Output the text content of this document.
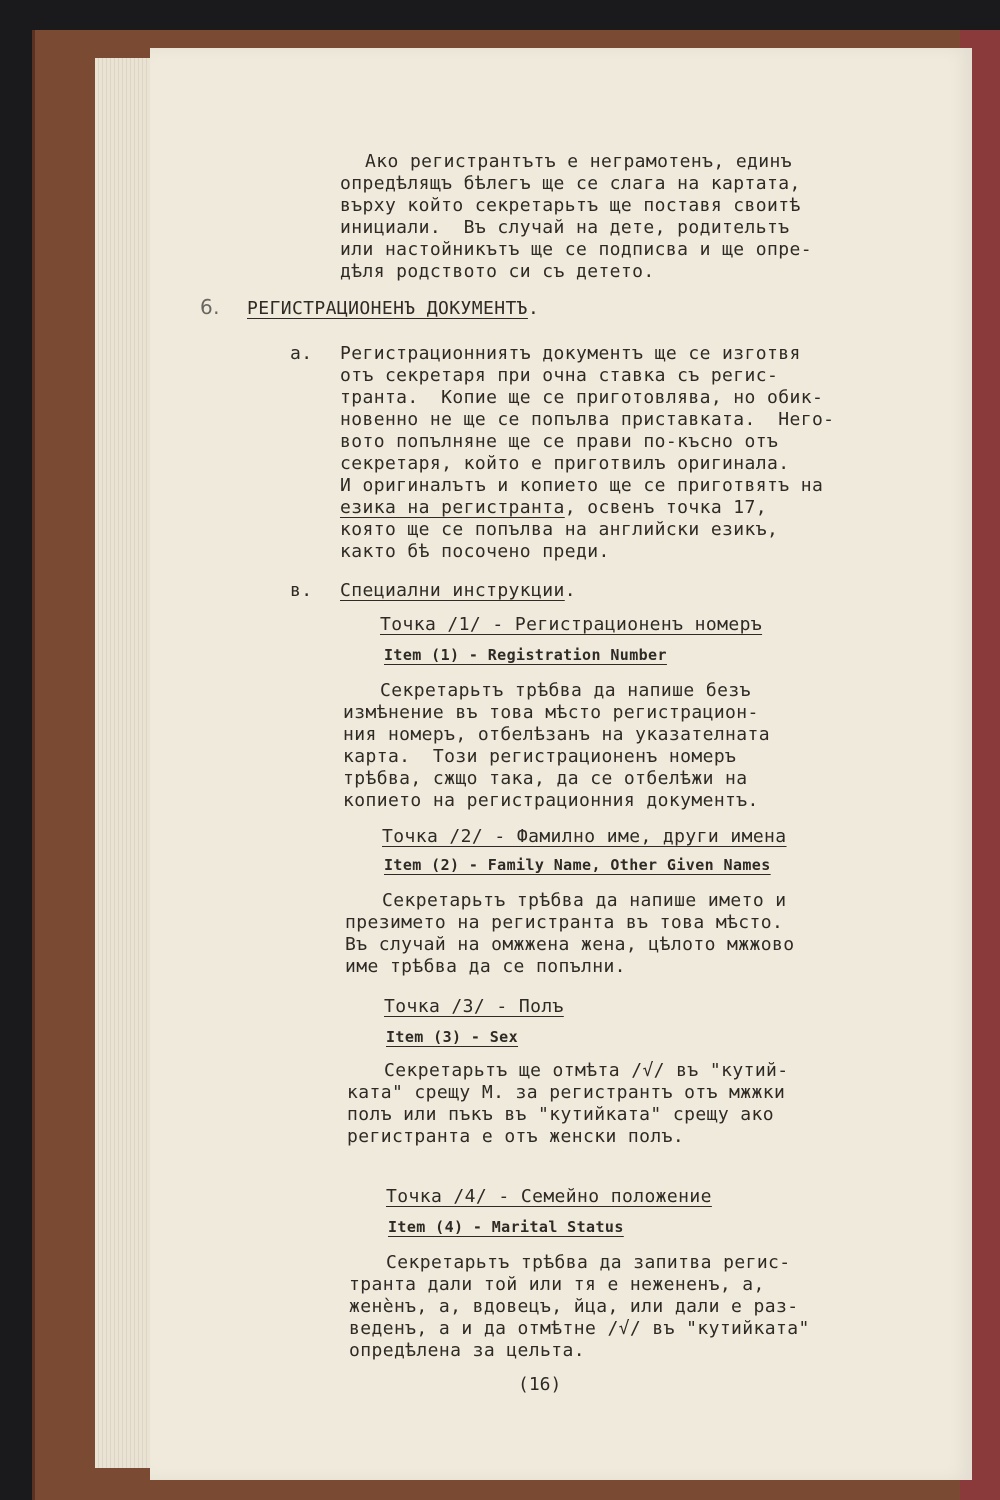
Ако регистрантътъ е неграмотенъ, единъ
опредѣлящъ бѣлегъ ще се слага на картата,
върху който секретарьтъ ще поставя своитѣ
инициали.  Въ случай на дете, родительтъ
или настойникътъ ще се подписва и ще опре-
дѣля родството си съ детето.
6. РЕГИСТРАЦИОНЕНЪ ДОКУМЕНТЪ.
а. Регистрационниятъ документъ ще се изготвя
отъ секретаря при очна ставка съ регис-
транта.  Копие ще се приготовлява, но обик-
новенно не ще се попълва приставката.  Него-
вото попълняне ще се прави по-късно отъ
секретаря, който е приготвилъ оригинала.
И оригиналътъ и копието ще се приготвятъ на
езика на регистранта, освенъ точка 17,
която ще се попълва на английски езикъ,
както бѣ посочено преди.
в. Специални инструкции.
Точка /1/ - Регистрационенъ номеръ
Item (1) - Registration Number
Секретарьтъ трѣбва да напише безъ
измѣнение въ това мѣсто регистрацион-
ния номеръ, отбелѣзанъ на указателната
карта.  Този регистрационенъ номеръ
трѣбва, сжщо така, да се отбелѣжи на
копието на регистрационния документъ.
Точка /2/ - Фамилно име, други имена
Item (2) - Family Name, Other Given Names
Секретарьтъ трѣбва да напише името и
презимето на регистранта въ това мѣсто.
Въ случай на омжжена жена, цѣлото мжжово
име трѣбва да се попълни.
Точка /3/ - Полъ
Item (3) - Sex
Секретарьтъ ще отмѣта /√/ въ "кутий-
ката" срещу М. за регистрантъ отъ мжжки
полъ или пъкъ въ "кутийката" срещу ако
регистранта е отъ женски полъ.
Точка /4/ - Семейно положение
Item (4) - Marital Status
Секретарьтъ трѣбва да запитва регис-
транта дали той или тя е нежененъ, а,
женѐнъ, а, вдовецъ, йца, или дали е раз-
веденъ, а и да отмѣтне /√/ въ "кутийката"
опредѣлена за цельта.
(16)
